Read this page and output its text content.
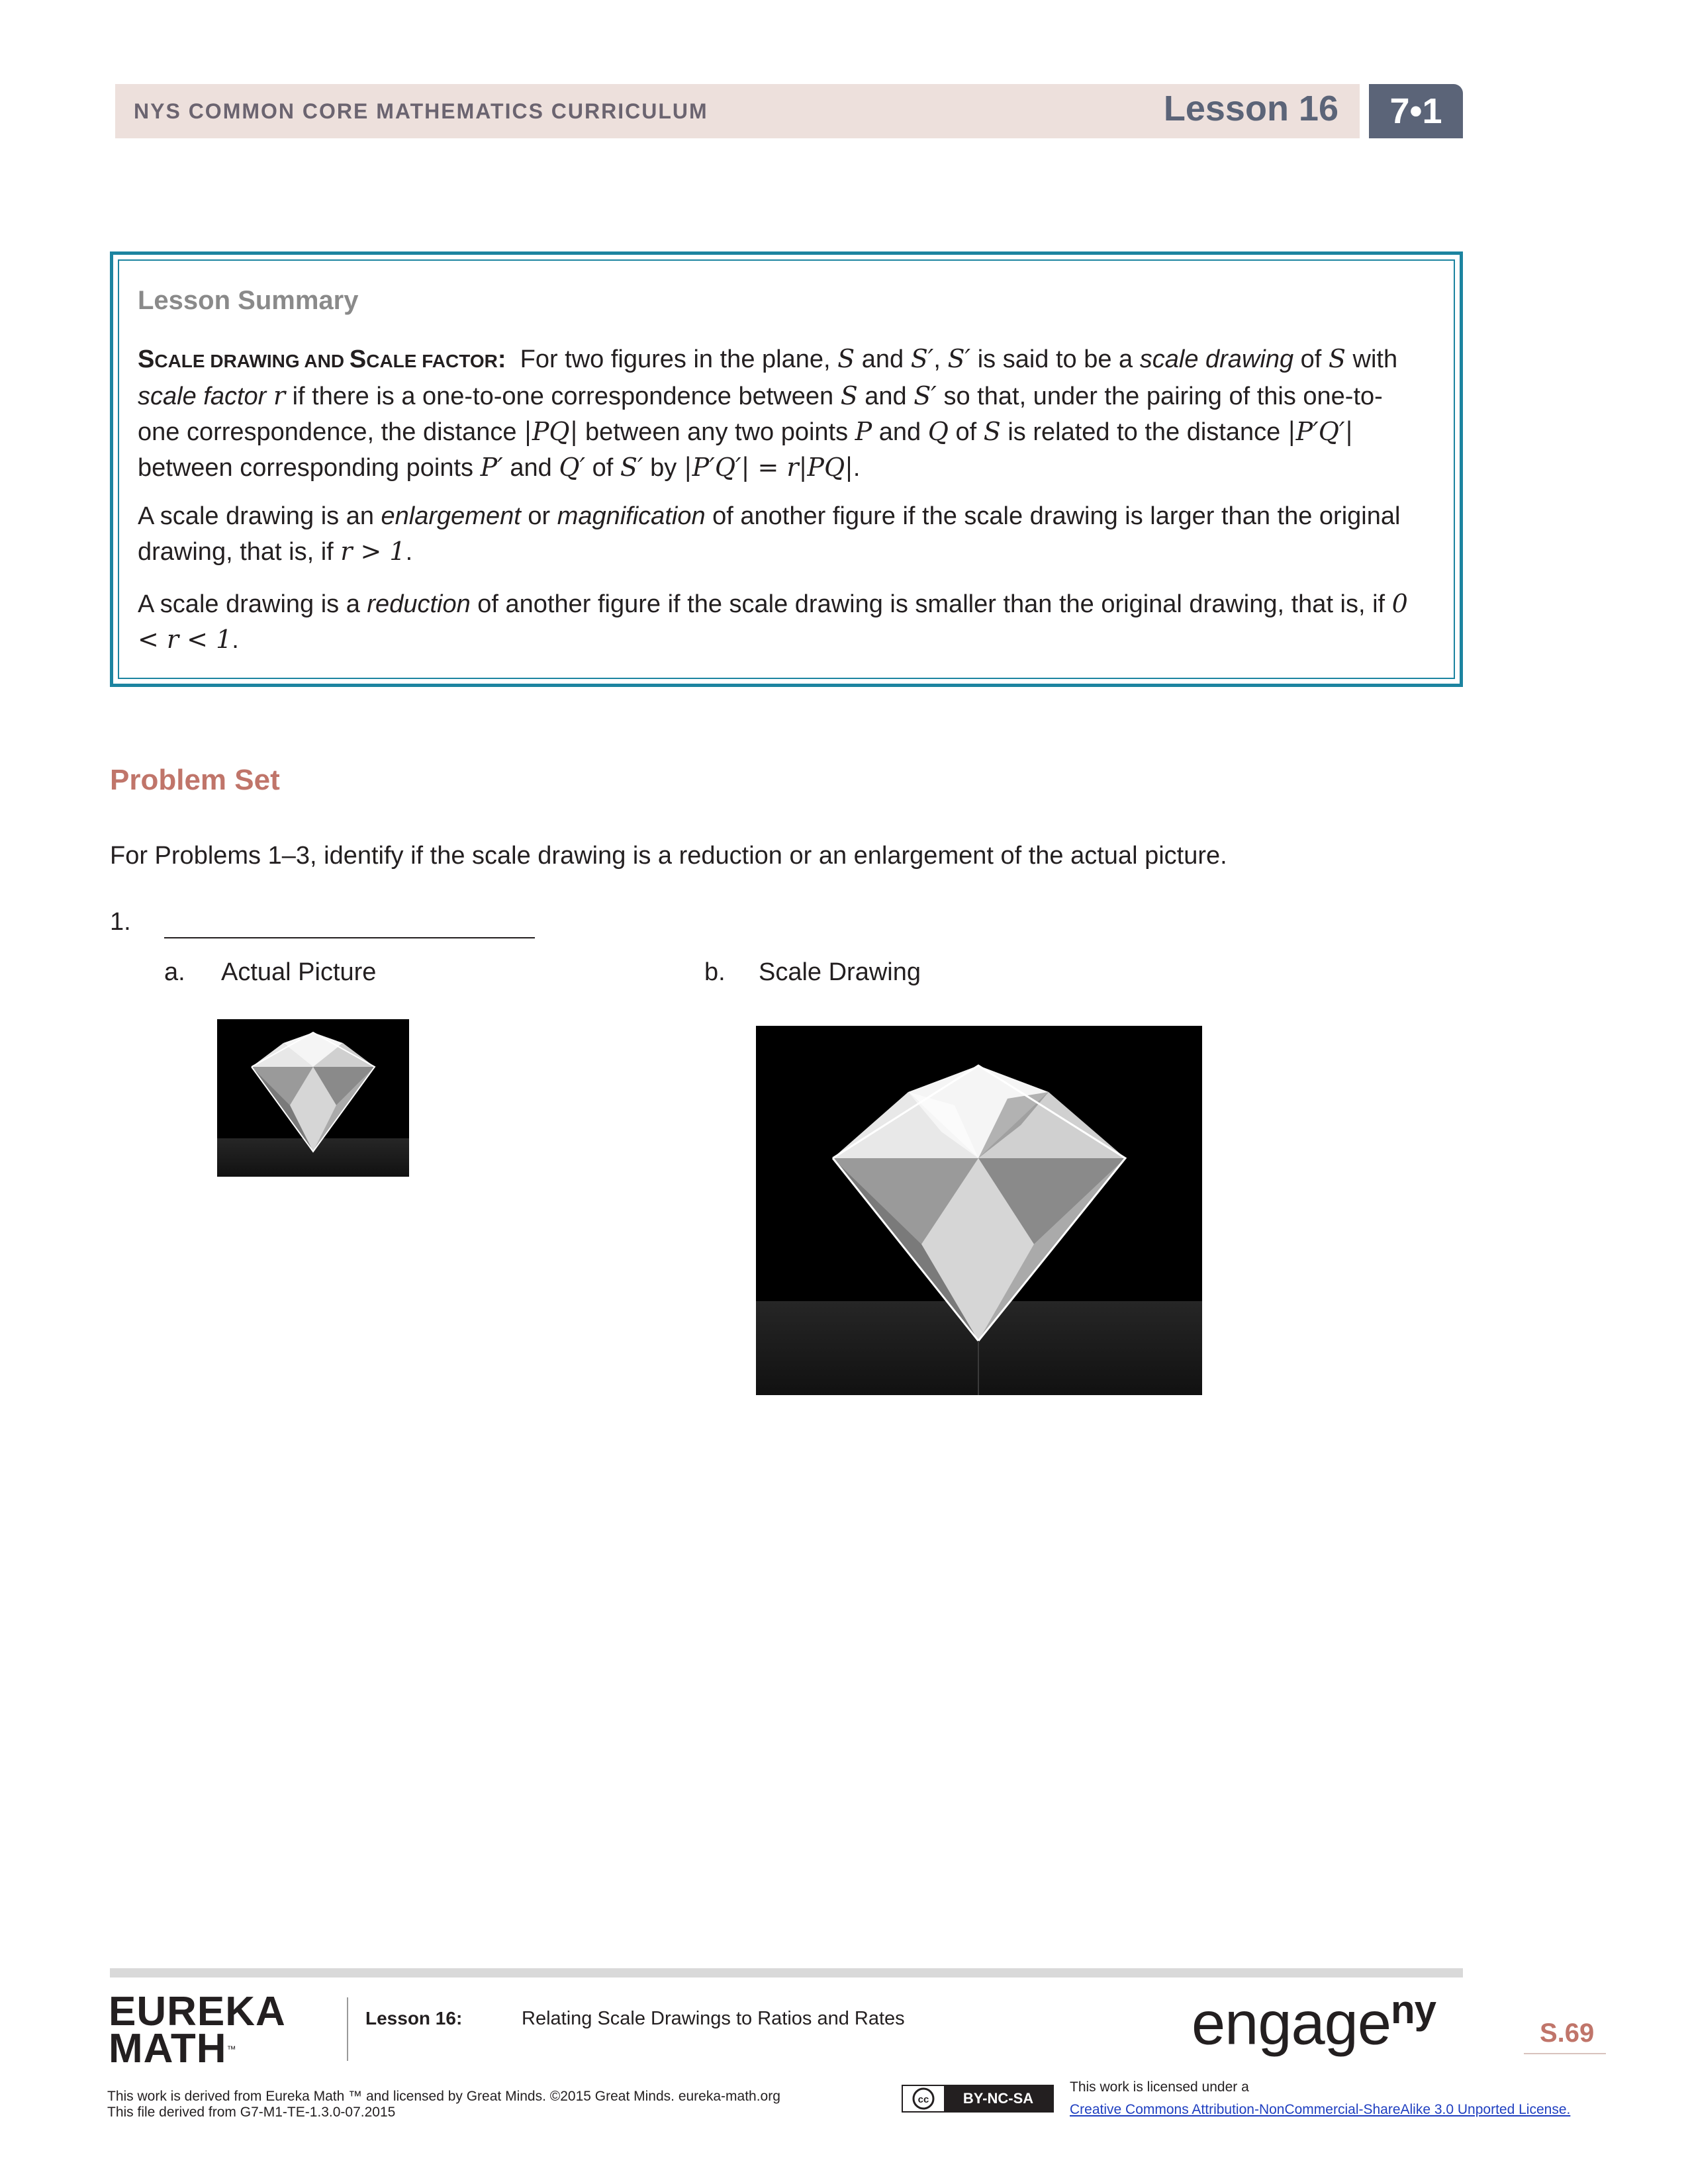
NYS COMMON CORE MATHEMATICS CURRICULUM	Lesson 16	7•1
Lesson Summary
SCALE DRAWING AND SCALE FACTOR: For two figures in the plane, S and S′, S′ is said to be a scale drawing of S with scale factor r if there is a one-to-one correspondence between S and S′ so that, under the pairing of this one-to-one correspondence, the distance |PQ| between any two points P and Q of S is related to the distance |P′Q′| between corresponding points P′ and Q′ of S′ by |P′Q′| = r|PQ|.
A scale drawing is an enlargement or magnification of another figure if the scale drawing is larger than the original drawing, that is, if r > 1.
A scale drawing is a reduction of another figure if the scale drawing is smaller than the original drawing, that is, if 0 < r < 1.
Problem Set
For Problems 1–3, identify if the scale drawing is a reduction or an enlargement of the actual picture.
1.
a. Actual Picture	b. Scale Drawing
EUREKA
MATH™
Lesson 16:	Relating Scale Drawings to Ratios and Rates	engage$^{ny}$
S.69
This work is derived from Eureka Math ™ and licensed by Great Minds. ©2015 Great Minds. eureka-math.org
This file derived from G7-M1-TE-1.3.0-07.2015
cc	BY-NC-SA
This work is licensed under a
Creative Commons Attribution-NonCommercial-ShareAlike 3.0 Unported License.
